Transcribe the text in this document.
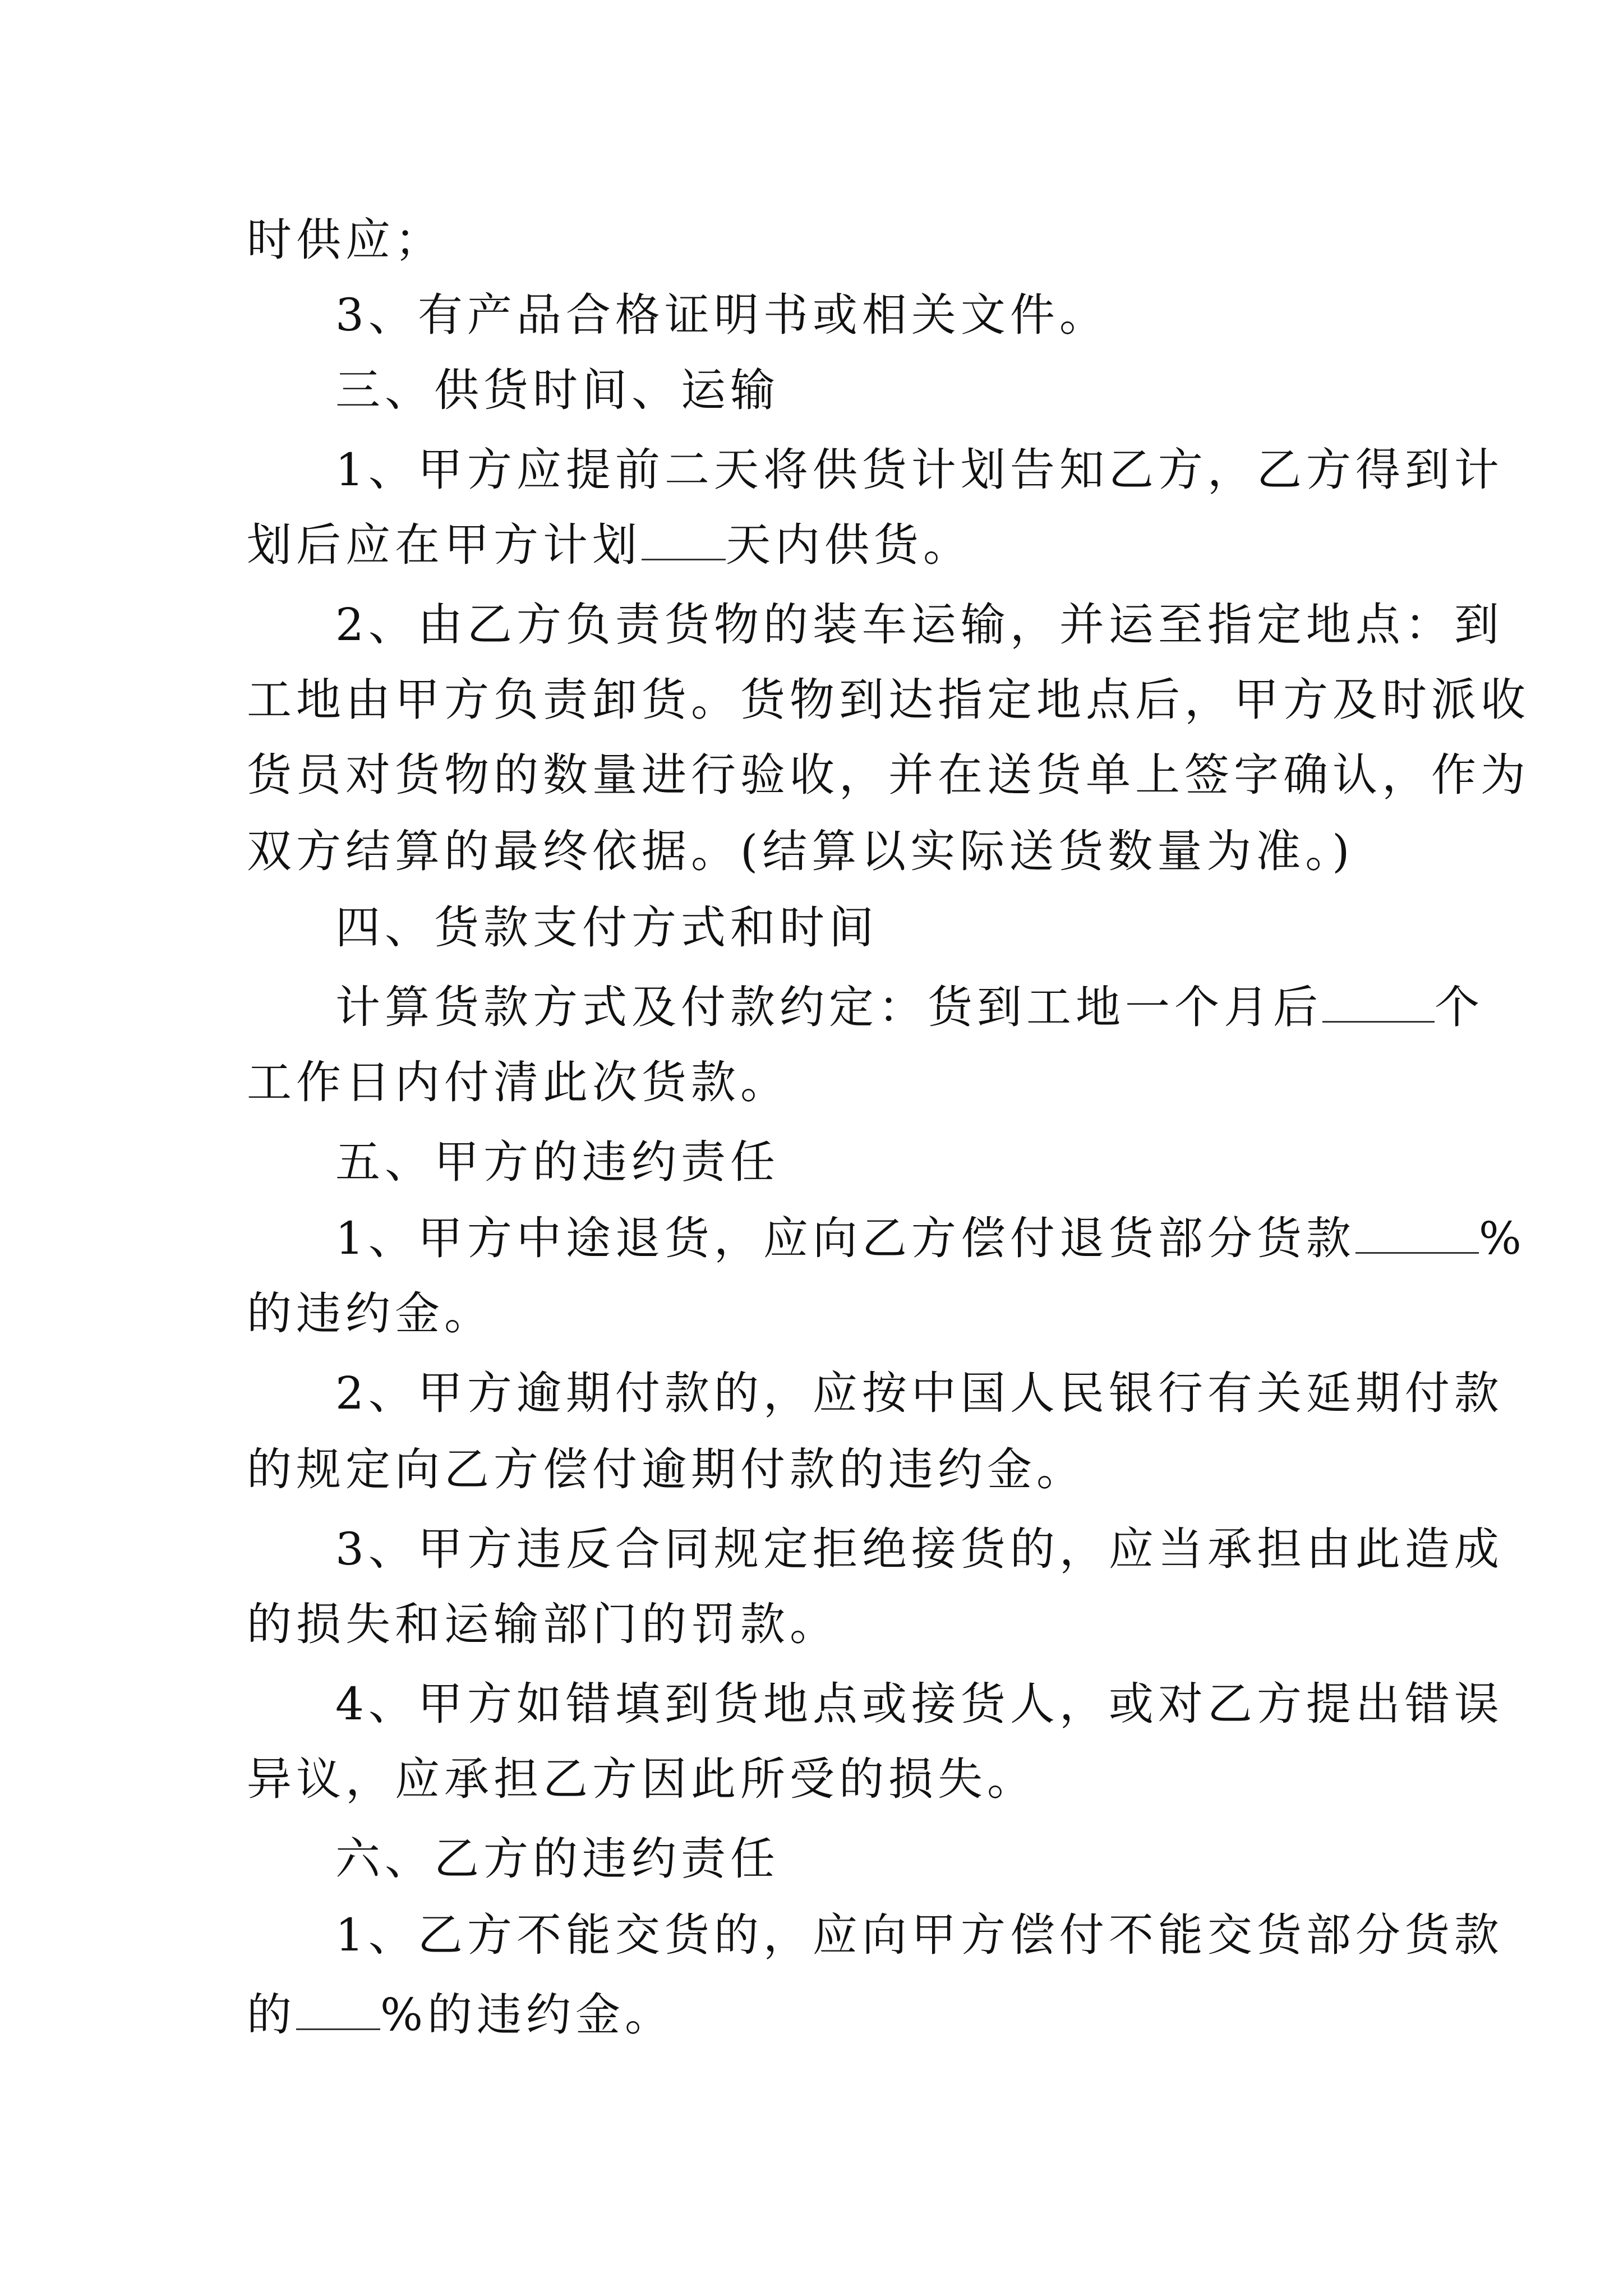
时供应；
3、有产品合格证明书或相关文件。
三、供货时间、运输
1、甲方应提前二天将供货计划告知乙方，乙方得到计
划后应在甲方计划 天内供货。
2、由乙方负责货物的装车运输，并运至指定地点：到
工地由甲方负责卸货。货物到达指定地点后，甲方及时派收
货员对货物的数量进行验收，并在送货单上签字确认，作为
双方结算的最终依据。(结算以实际送货数量为准。)
四、货款支付方式和时间
计算货款方式及付款约定：货到工地一个月后	个
工作日内付清此次货款。
五、甲方的违约责任
1、甲方中途退货，应向乙方偿付退货部分货款	%
的违约金。
2、甲方逾期付款的，应按中国人民银行有关延期付款
的规定向乙方偿付逾期付款的违约金。
3、甲方违反合同规定拒绝接货的，应当承担由此造成
的损失和运输部门的罚款。
4、甲方如错填到货地点或接货人，或对乙方提出错误
异议，应承担乙方因此所受的损失。
六、乙方的违约责任
1、乙方不能交货的，应向甲方偿付不能交货部分货款
的 %的违约金。
